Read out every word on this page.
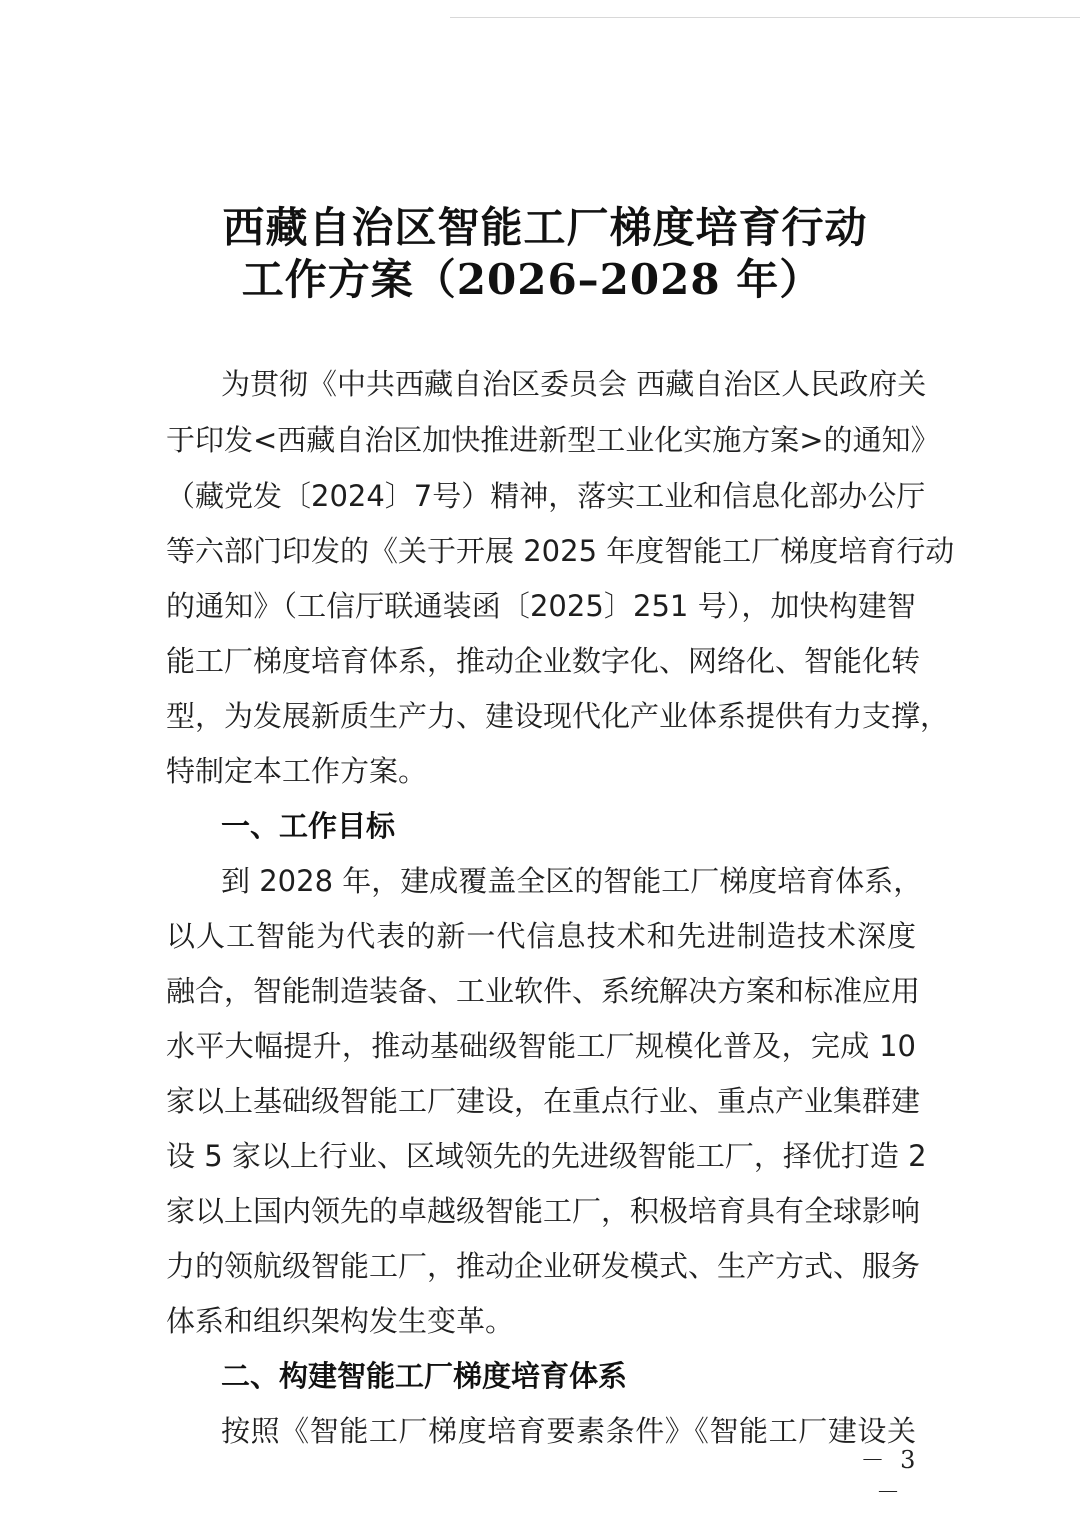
西藏自治区智能工厂梯度培育行动
工作方案（2026–2028 年）
为贯彻《中共西藏自治区委员会 西藏自治区人民政府关
于印发<西藏自治区加快推进新型工业化实施方案>的通知》
（藏党发〔2024〕7号）精神，落实工业和信息化部办公厅
等六部门印发的《关于开展 2025 年度智能工厂梯度培育行动
的通知》（工信厅联通装函〔2025〕251 号），加快构建智
能工厂梯度培育体系，推动企业数字化、网络化、智能化转
型，为发展新质生产力、建设现代化产业体系提供有力支撑，
特制定本工作方案。
一、工作目标
到 2028 年，建成覆盖全区的智能工厂梯度培育体系，
以人工智能为代表的新一代信息技术和先进制造技术深度
融合，智能制造装备、工业软件、系统解决方案和标准应用
水平大幅提升，推动基础级智能工厂规模化普及，完成 10
家以上基础级智能工厂建设，在重点行业、重点产业集群建
设 5 家以上行业、区域领先的先进级智能工厂，择优打造 2
家以上国内领先的卓越级智能工厂，积极培育具有全球影响
力的领航级智能工厂，推动企业研发模式、生产方式、服务
体系和组织架构发生变革。
二、构建智能工厂梯度培育体系
按照《智能工厂梯度培育要素条件》《智能工厂建设关
－ 3 －
